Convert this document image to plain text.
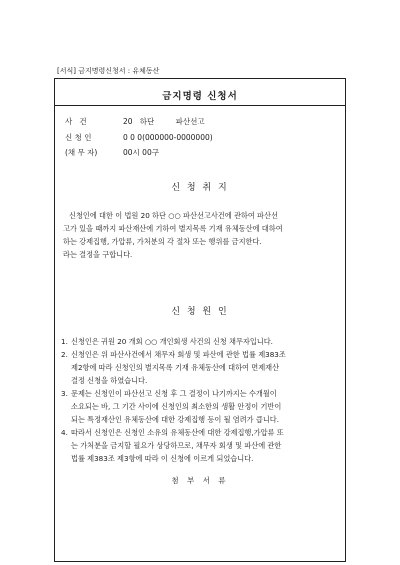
[서식] 금지명령신청서 : 유체동산
금지명령 신청서
사   건	20   하단         파산선고
신 청 인	0 0 0(000000-0000000)
(채 무 자)	00시 00구
신 청 취 지

신청인에 대한 이 법원 20 하단 ○○ 파산선고사건에 관하여 파산선

고가 있을 때까지 파산재산에 기하여 별지목록 기재 유체동산에 대하여

하는 강제집행, 가압류, 가처분의 각 절차 또는 행위를 금지한다.

라는 결정을 구합니다.

신 청 원 인
1. 신청인은 귀원 20 개회 ○○ 개인회생 사건의 신청 채무자입니다.
2. 신청인은 위 파산사건에서 채무자 회생 및 파산에 관한 법률 제383조
제2항에 따라 신청인의 별지목록 기재 유체동산에 대하여 면제재산
결정 신청을 하였습니다.
3. 문제는 신청인이 파산선고 신청 후 그 결정이 나기까지는 수개월이
소요되는 바, 그 기간 사이에 신청인의 최소한의 생활 안정이 기반이
되는 특정재산인 유체동산에 대한 강제집행 등이 될 염려가 큽니다.
4. 따라서 신청인은 신청인 소유의 유체동산에 대한 강제집행,가압류 또
는 가처분을 금지할 필요가 상당하므로, 채무자 회생 및 파산에 관한
법률 제383조 제3항에 따라 이 신청에 이르게 되었습니다.
첨 부 서 류
